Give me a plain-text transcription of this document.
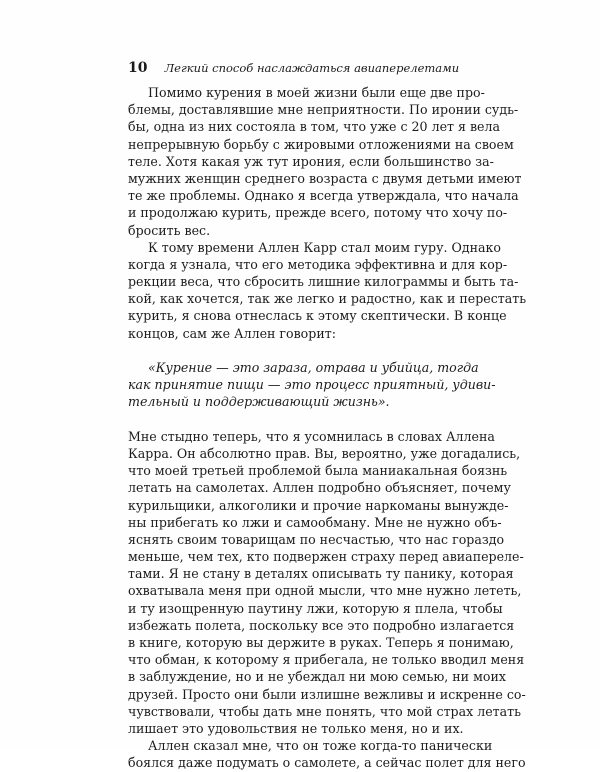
10 Легкий способ наслаждаться авиаперелетами
Помимо курения в моей жизни были еще две про-
блемы, доставлявшие мне неприятности. По иронии судь-
бы, одна из них состояла в том, что уже с 20 лет я вела
непрерывную борьбу с жировыми отложениями на своем
теле. Хотя какая уж тут ирония, если большинство за-
мужних женщин среднего возраста с двумя детьми имеют
те же проблемы. Однако я всегда утверждала, что начала
и продолжаю курить, прежде всего, потому что хочу по-
бросить вес.
К тому времени Аллен Карр стал моим гуру. Однако
когда я узнала, что его методика эффективна и для кор-
рекции веса, что сбросить лишние килограммы и быть та-
кой, как хочется, так же легко и радостно, как и перестать
курить, я снова отнеслась к этому скептически. В конце
концов, сам же Аллен говорит:
«Курение — это зараза, отрава и убийца, тогда
как принятие пищи — это процесс приятный, удиви-
тельный и поддерживающий жизнь».
Мне стыдно теперь, что я усомнилась в словах Аллена
Карра. Он абсолютно прав. Вы, вероятно, уже догадались,
что моей третьей проблемой была маниакальная боязнь
летать на самолетах. Аллен подробно объясняет, почему
курильщики, алкоголики и прочие наркоманы вынужде-
ны прибегать ко лжи и самообману. Мне не нужно объ-
яснять своим товарищам по несчастью, что нас гораздо
меньше, чем тех, кто подвержен страху перед авиапереле-
тами. Я не стану в деталях описывать ту панику, которая
охватывала меня при одной мысли, что мне нужно лететь,
и ту изощренную паутину лжи, которую я плела, чтобы
избежать полета, поскольку все это подробно излагается
в книге, которую вы держите в руках. Теперь я понимаю,
что обман, к которому я прибегала, не только вводил меня
в заблуждение, но и не убеждал ни мою семью, ни моих
друзей. Просто они были излишне вежливы и искренне со-
чувствовали, чтобы дать мне понять, что мой страх летать
лишает это удовольствия не только меня, но и их.
Аллен сказал мне, что он тоже когда-то панически
боялся даже подумать о самолете, а сейчас полет для него
